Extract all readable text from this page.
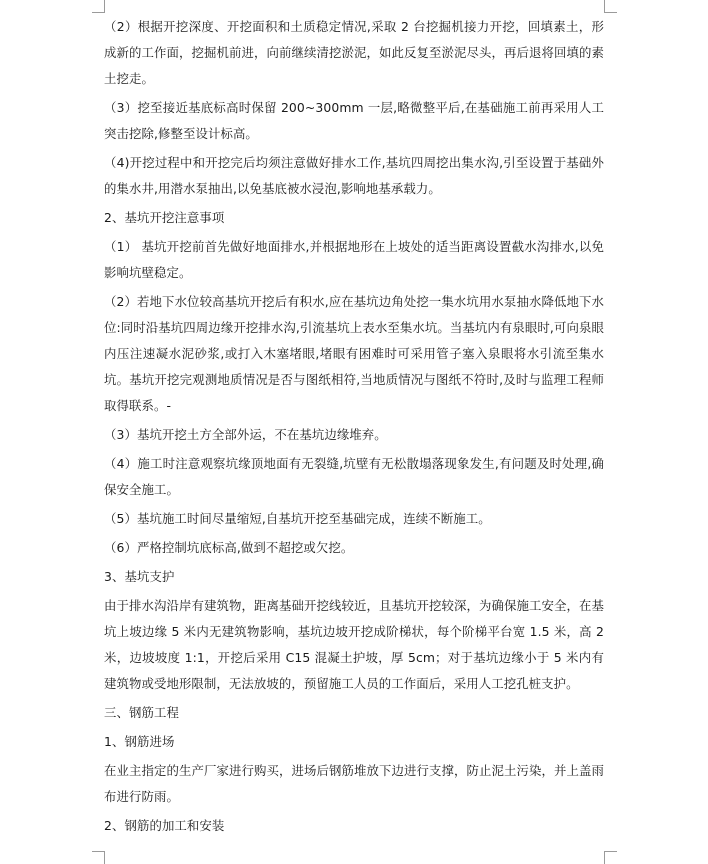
（2）根据开挖深度、开挖面积和土质稳定情况,采取 2 台挖掘机接力开挖，回填素土，形成新的工作面，挖掘机前进，向前继续清挖淤泥，如此反复至淤泥尽头，再后退将回填的素土挖走。

（3）挖至接近基底标高时保留 200~300mm 一层,略微整平后,在基础施工前再采用人工突击挖除,修整至设计标高。

（4)开挖过程中和开挖完后均须注意做好排水工作,基坑四周挖出集水沟,引至设置于基础外的集水井,用潜水泵抽出,以免基底被水浸泡,影响地基承载力。

2、基坑开挖注意事项

（1） 基坑开挖前首先做好地面排水,并根据地形在上坡处的适当距离设置截水沟排水,以免影响坑壁稳定。

（2）若地下水位较高基坑开挖后有积水,应在基坑边角处挖一集水坑用水泵抽水降低地下水位:同时沿基坑四周边缘开挖排水沟,引流基坑上表水至集水坑。当基坑内有泉眼时,可向泉眼内压注速凝水泥砂浆,或打入木塞堵眼,堵眼有困难时可采用管子塞入泉眼将水引流至集水坑。基坑开挖完观测地质情况是否与图纸相符,当地质情况与图纸不符时,及时与监理工程师取得联系。-

（3）基坑开挖土方全部外运，不在基坑边缘堆弃。

（4）施工时注意观察坑缘顶地面有无裂缝,坑壁有无松散塌落现象发生,有问题及时处理,确保安全施工。

（5）基坑施工时间尽量缩短,自基坑开挖至基础完成，连续不断施工。

（6）严格控制坑底标高,做到不超挖或欠挖。

3、基坑支护

由于排水沟沿岸有建筑物，距离基础开挖线较近，且基坑开挖较深，为确保施工安全，在基坑上坡边缘 5 米内无建筑物影响，基坑边坡开挖成阶梯状，每个阶梯平台宽 1.5 米，高 2 米，边坡坡度 1:1，开挖后采用 C15 混凝土护坡，厚 5cm；对于基坑边缘小于 5 米内有建筑物或受地形限制，无法放坡的，预留施工人员的工作面后，采用人工挖孔桩支护。

三、钢筋工程

1、钢筋进场

在业主指定的生产厂家进行购买，进场后钢筋堆放下边进行支撑，防止泥土污染，并上盖雨布进行防雨。

2、钢筋的加工和安装
